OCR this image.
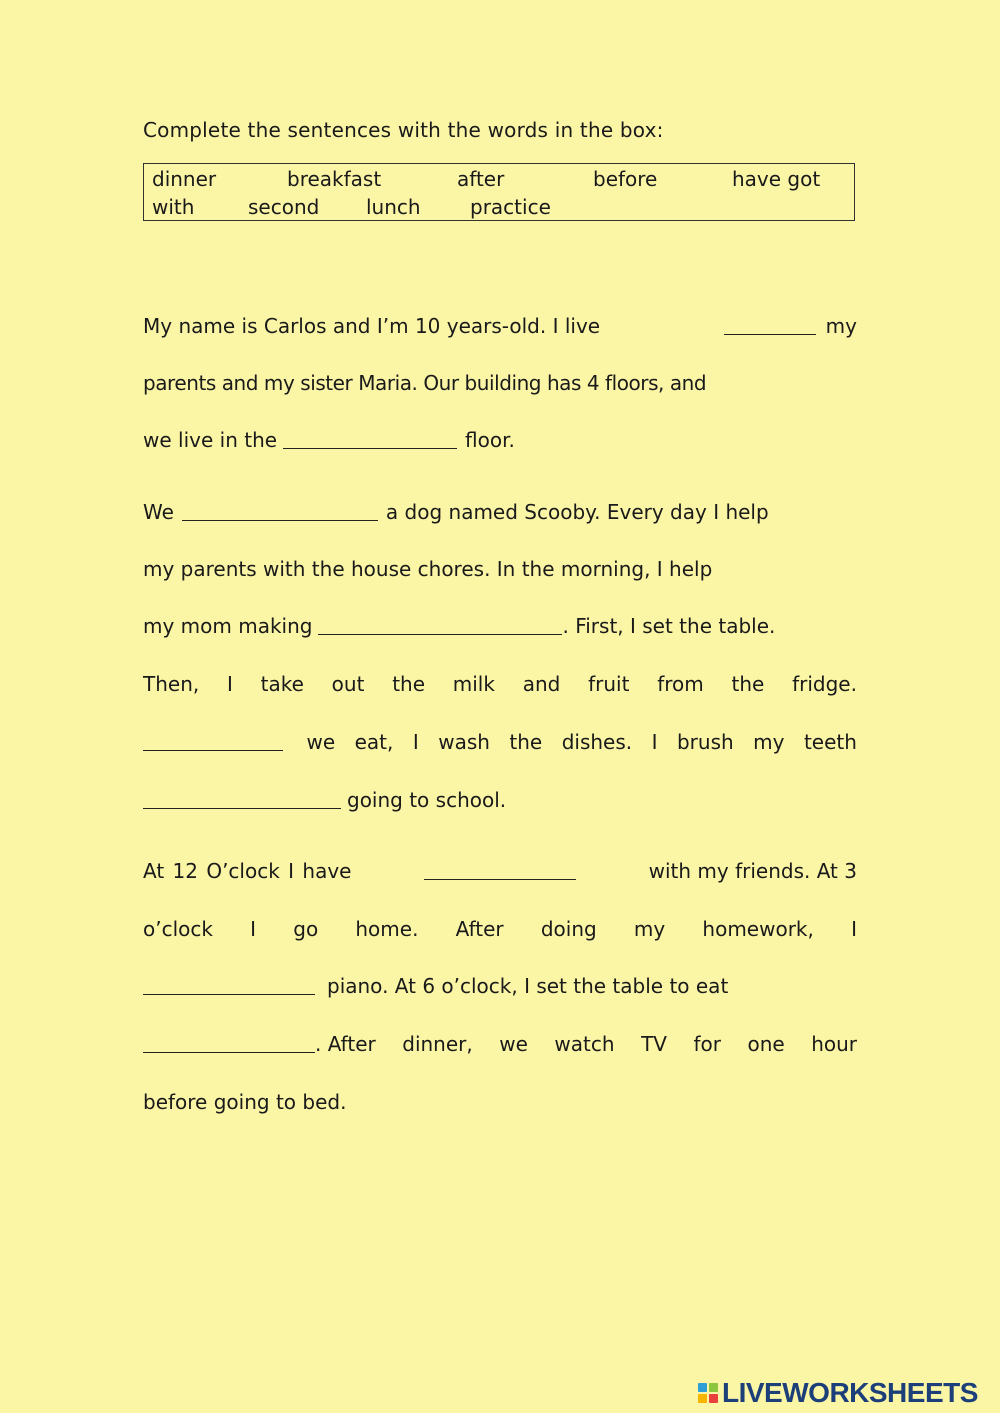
Complete the sentences with the words in the box:
dinner	breakfast	after	before	have got
with	second lunch practice
My name is Carlos and I’m 10 years-old. I live	my
parents and my sister Maria. Our building has 4 floors, and
we live in the	floor.
We	a dog named Scooby. Every day I help
my parents with the house chores. In the morning, I help
my mom making	. First, I set the table.
Then, I take out the milk and fruit from the fridge.
we eat, I wash the dishes. I brush my teeth
going to school.
At 12 O’clock I have	with my friends. At 3
o’clock I go home. After doing my homework, I
piano. At 6 o’clock, I set the table to eat
. After dinner, we watch TV for one hour
before going to bed.
LIVEWORKSHEETS
